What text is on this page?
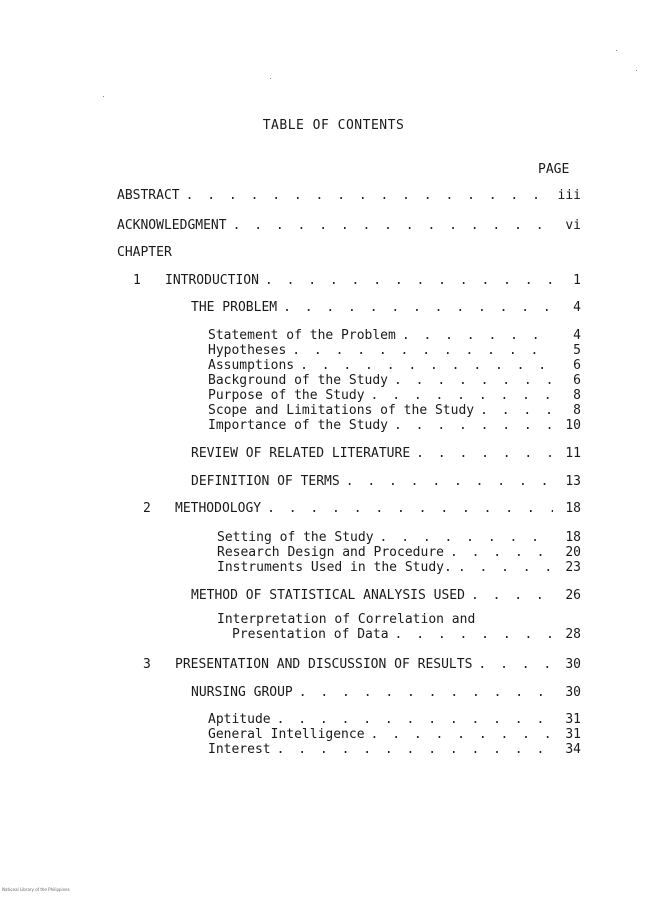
TABLE OF CONTENTS
PAGE
ABSTRACT . . .	iii
ACKNOWLEDGMENT . . .	vi
CHAPTER
1	INTRODUCTION . . .	1
THE PROBLEM . . .	4
Statement of the Problem . . .	4
Hypotheses . . .	5
Assumptions . . .	6
Background of the Study . . .	6
Purpose of the Study . . .	8
Scope and Limitations of the Study . . .	8
Importance of the Study . . .	10
REVIEW OF RELATED LITERATURE . . .	11
DEFINITION OF TERMS . . .	13
2	METHODOLOGY . . .	18
Setting of the Study . . .	18
Research Design and Procedure . . .	20
Instruments Used in the Study. . . .	23
METHOD OF STATISTICAL ANALYSIS USED . . .	26
Interpretation of Correlation and
Presentation of Data . . .	28
3	PRESENTATION AND DISCUSSION OF RESULTS . . .	30
NURSING GROUP . . .	30
Aptitude . . .	31
General Intelligence . . .	31
Interest . . .	34
National Library of the Philippines
